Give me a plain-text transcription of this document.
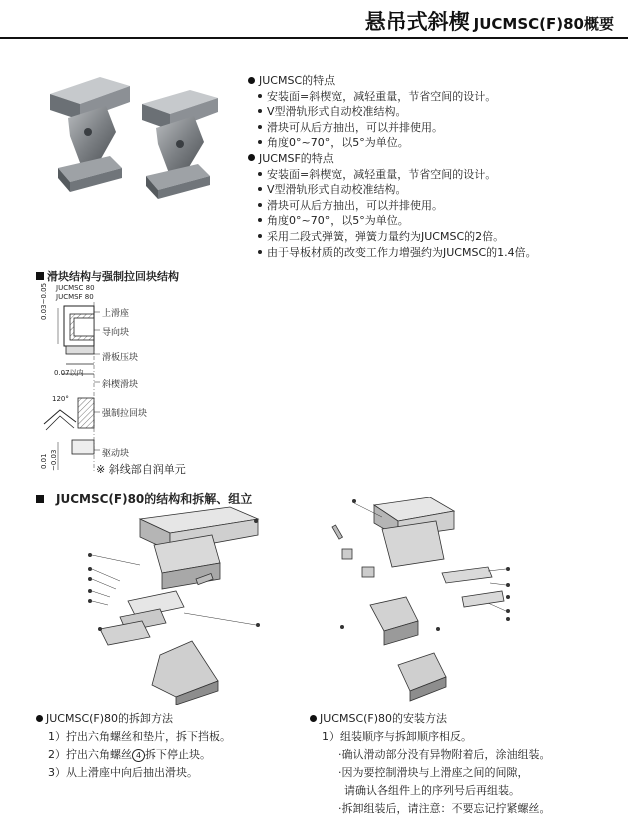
悬吊式斜楔 JUCMSC(F)80概要
JUCMSC的特点
安装面=斜楔宽，减轻重量，节省空间的设计。
V型滑轨形式自动校准结构。
滑块可从后方抽出，可以并排使用。
角度0°~70°，以5°为单位。
JUCMSF的特点
安装面=斜楔宽，减轻重量，节省空间的设计。
V型滑轨形式自动校准结构。
滑块可从后方抽出，可以并排使用。
角度0°~70°，以5°为单位。
采用二段式弹簧，弹簧力量约为JUCMSC的2倍。
由于导板材质的改变工作力增强约为JUCMSC的1.4倍。
滑块结构与强制拉回块结构
JUCMSC 80
JUCMSF 80
0.03~0.05
0.07以内
120°
0.01 ~0.03
上滑座
导向块
滑板压块
斜楔滑块
强制拉回块
驱动块
※ 斜线部自润单元
JUCMSC(F)80的结构和拆解、组立
JUCMSC(F)80的拆卸方法
1）拧出六角螺丝和垫片，拆下挡板。
2）拧出六角螺丝 4 拆下停止块。
3）从上滑座中向后抽出滑块。
JUCMSC(F)80的安装方法
1）组装顺序与拆卸顺序相反。
·确认滑动部分没有异物附着后，涂油组装。
·因为要控制滑块与上滑座之间的间隙，
请确认各组件上的序列号后再组装。
·拆卸组装后，请注意：不要忘记拧紧螺丝。
